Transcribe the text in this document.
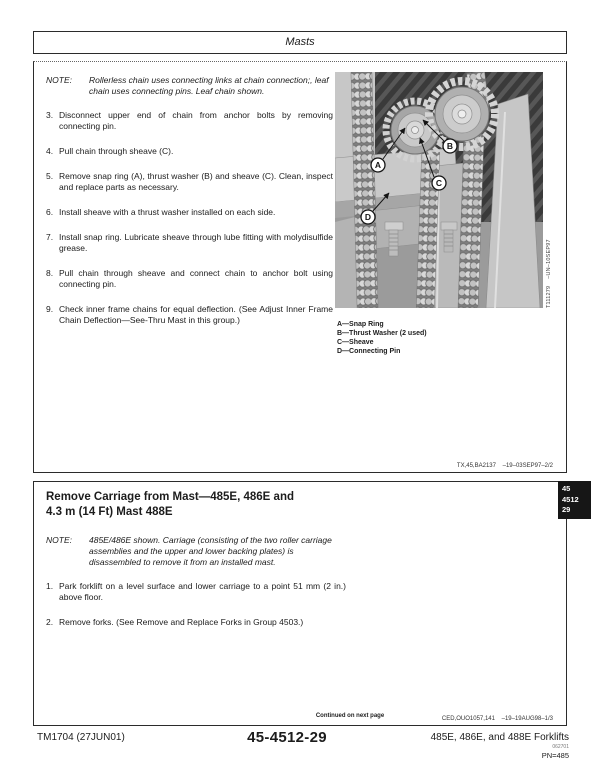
Masts
NOTE: Rollerless chain uses connecting links at chain connection;, leaf chain uses connecting pins. Leaf chain shown.
3. Disconnect upper end of chain from anchor bolts by removing connecting pin.
4. Pull chain through sheave (C).
5. Remove snap ring (A), thrust washer (B) and sheave (C). Clean, inspect and replace parts as necessary.
6. Install sheave with a thrust washer installed on each side.
7. Install snap ring. Lubricate sheave through lube fitting with molydisulfide grease.
8. Pull chain through sheave and connect chain to anchor bolt using connecting pin.
9. Check inner frame chains for equal deflection. (See Adjust Inner Frame Chain Deflection—See-Thru Mast in this group.)
A
B
C
D
T111279    –UN–10SEP97
A—Snap Ring
B—Thrust Washer (2 used)
C—Sheave
D—Connecting Pin
TX,45,BA2137    –19–03SEP97–2/2
Remove Carriage from Mast—485E, 486E and
4.3 m (14 Ft) Mast 488E
NOTE: 485E/486E shown. Carriage (consisting of the two roller carriage assemblies and the upper and lower backing plates) is disassembled to remove it from an installed mast.
1. Park forklift on a level surface and lower carriage to a point 51 mm (2 in.) above floor.
2. Remove forks. (See Remove and Replace Forks in Group 4503.)
Continued on next page	CED,OUO1057,141    –19–19AUG98–1/3
45
4512
29
TM1704 (27JUN01)	45-4512-29	485E, 486E, and 488E Forklifts
062701
PN=485
